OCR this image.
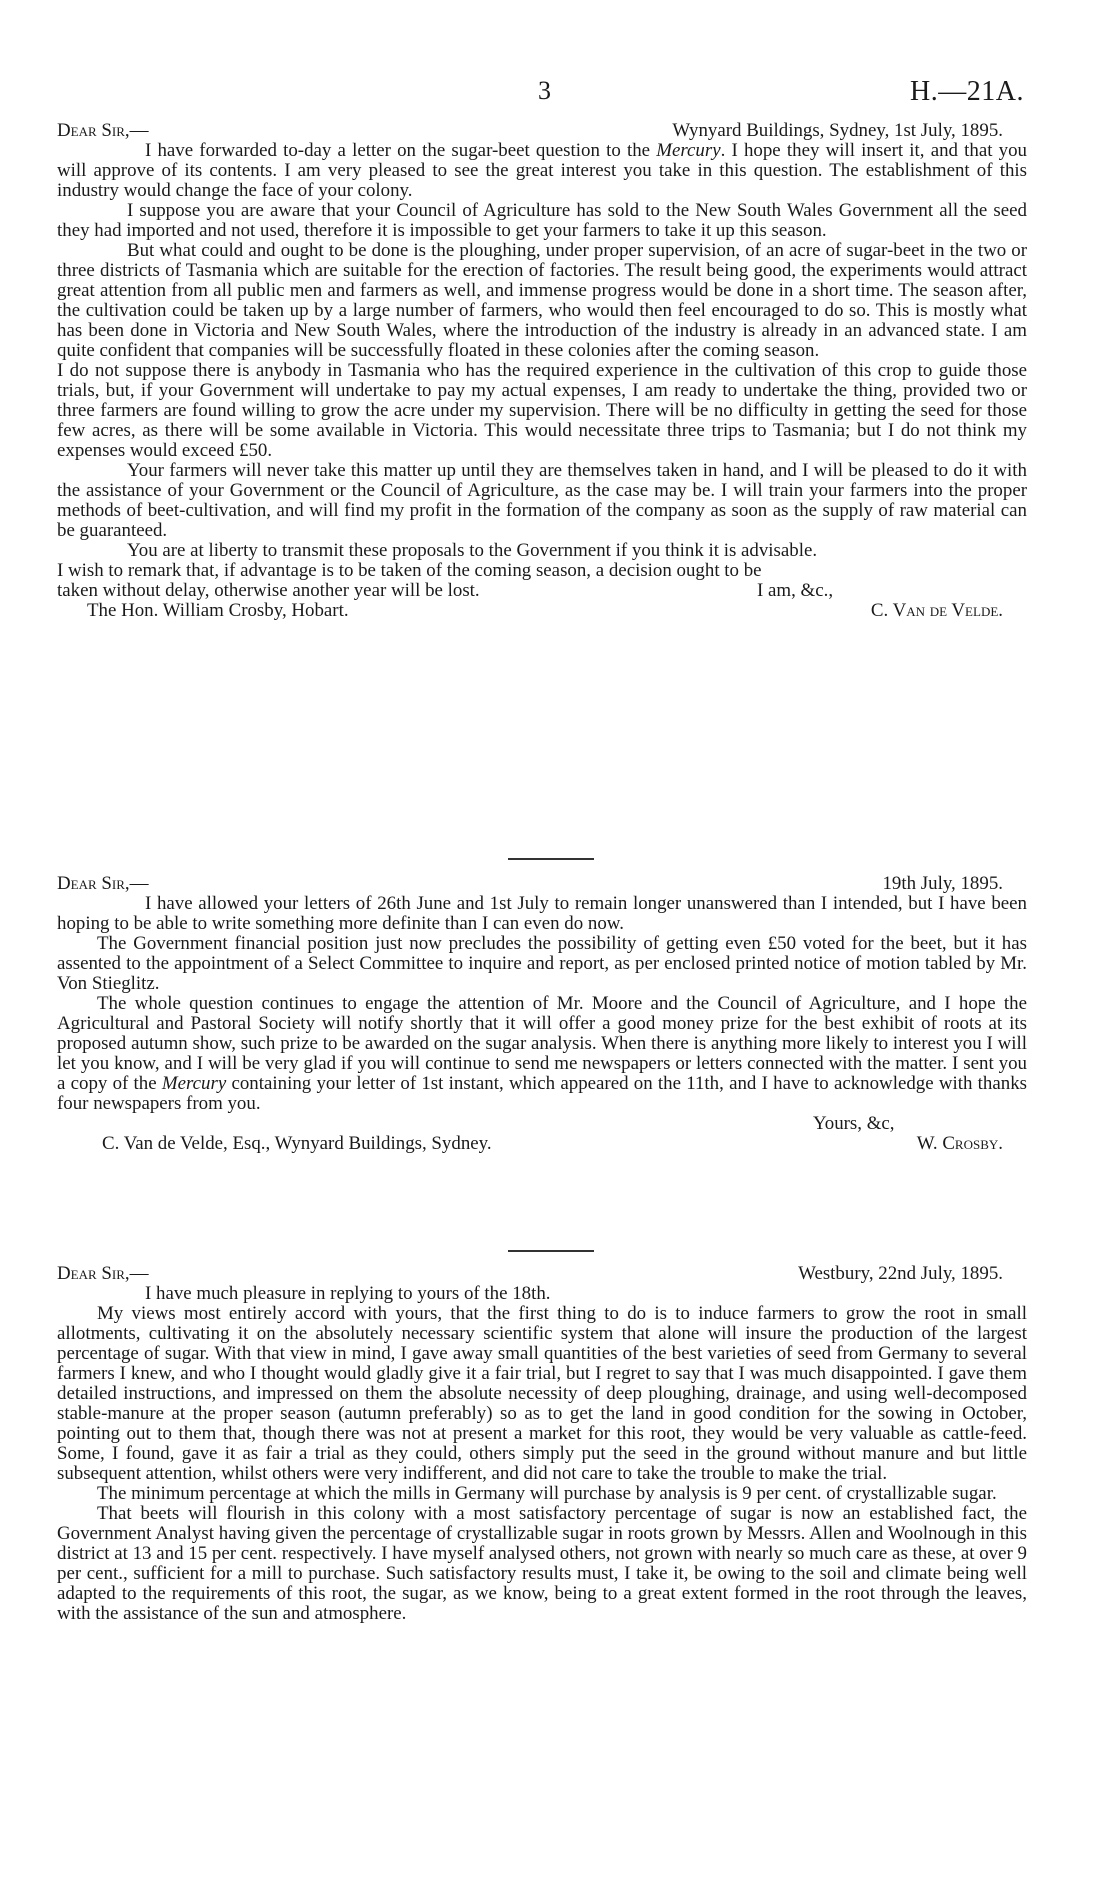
3	H.—21A.
Dear Sir,—	Wynyard Buildings, Sydney, 1st July, 1895.

I have forwarded to-day a letter on the sugar-beet question to the Mercury. I hope they will insert it, and that you will approve of its contents. I am very pleased to see the great interest you take in this question. The establishment of this industry would change the face of your colony.

I suppose you are aware that your Council of Agriculture has sold to the New South Wales Government all the seed they had imported and not used, therefore it is impossible to get your farmers to take it up this season.

But what could and ought to be done is the ploughing, under proper supervision, of an acre of sugar-beet in the two or three districts of Tasmania which are suitable for the erection of factories. The result being good, the experiments would attract great attention from all public men and farmers as well, and immense progress would be done in a short time. The season after, the cultivation could be taken up by a large number of farmers, who would then feel encouraged to do so. This is mostly what has been done in Victoria and New South Wales, where the introduction of the industry is already in an advanced state. I am quite confident that companies will be successfully floated in these colonies after the coming season.

I do not suppose there is anybody in Tasmania who has the required experience in the cultivation of this crop to guide those trials, but, if your Government will undertake to pay my actual expenses, I am ready to undertake the thing, provided two or three farmers are found willing to grow the acre under my supervision. There will be no difficulty in getting the seed for those few acres, as there will be some available in Victoria. This would necessitate three trips to Tasmania; but I do not think my expenses would exceed £50.

Your farmers will never take this matter up until they are themselves taken in hand, and I will be pleased to do it with the assistance of your Government or the Council of Agriculture, as the case may be. I will train your farmers into the proper methods of beet-cultivation, and will find my profit in the formation of the company as soon as the supply of raw material can be guaranteed.

You are at liberty to transmit these proposals to the Government if you think it is advisable.
I wish to remark that, if advantage is to be taken of the coming season, a decision ought to be
taken without delay, otherwise another year will be lost.	I am, &c.,
The Hon. William Crosby, Hobart.	C. Van de Velde.
Dear Sir,—	19th July, 1895.

I have allowed your letters of 26th June and 1st July to remain longer unanswered than I intended, but I have been hoping to be able to write something more definite than I can even do now.

The Government financial position just now precludes the possibility of getting even £50 voted for the beet, but it has assented to the appointment of a Select Committee to inquire and report, as per enclosed printed notice of motion tabled by Mr. Von Stieglitz.

The whole question continues to engage the attention of Mr. Moore and the Council of Agriculture, and I hope the Agricultural and Pastoral Society will notify shortly that it will offer a good money prize for the best exhibit of roots at its proposed autumn show, such prize to be awarded on the sugar analysis. When there is anything more likely to interest you I will let you know, and I will be very glad if you will continue to send me newspapers or letters connected with the matter. I sent you a copy of the Mercury containing your letter of 1st instant, which appeared on the 11th, and I have to acknowledge with thanks four newspapers from you.

Yours, &c,
C. Van de Velde, Esq., Wynyard Buildings, Sydney.	W. Crosby.
Dear Sir,—	Westbury, 22nd July, 1895.

I have much pleasure in replying to yours of the 18th.

My views most entirely accord with yours, that the first thing to do is to induce farmers to grow the root in small allotments, cultivating it on the absolutely necessary scientific system that alone will insure the production of the largest percentage of sugar. With that view in mind, I gave away small quantities of the best varieties of seed from Germany to several farmers I knew, and who I thought would gladly give it a fair trial, but I regret to say that I was much disappointed. I gave them detailed instructions, and impressed on them the absolute necessity of deep ploughing, drainage, and using well-decomposed stable-manure at the proper season (autumn preferably) so as to get the land in good condition for the sowing in October, pointing out to them that, though there was not at present a market for this root, they would be very valuable as cattle-feed. Some, I found, gave it as fair a trial as they could, others simply put the seed in the ground without manure and but little subsequent attention, whilst others were very indifferent, and did not care to take the trouble to make the trial.

The minimum percentage at which the mills in Germany will purchase by analysis is 9 per cent. of crystallizable sugar.

That beets will flourish in this colony with a most satisfactory percentage of sugar is now an established fact, the Government Analyst having given the percentage of crystallizable sugar in roots grown by Messrs. Allen and Woolnough in this district at 13 and 15 per cent. respectively. I have myself analysed others, not grown with nearly so much care as these, at over 9 per cent., sufficient for a mill to purchase. Such satisfactory results must, I take it, be owing to the soil and climate being well adapted to the requirements of this root, the sugar, as we know, being to a great extent formed in the root through the leaves, with the assistance of the sun and atmosphere.
